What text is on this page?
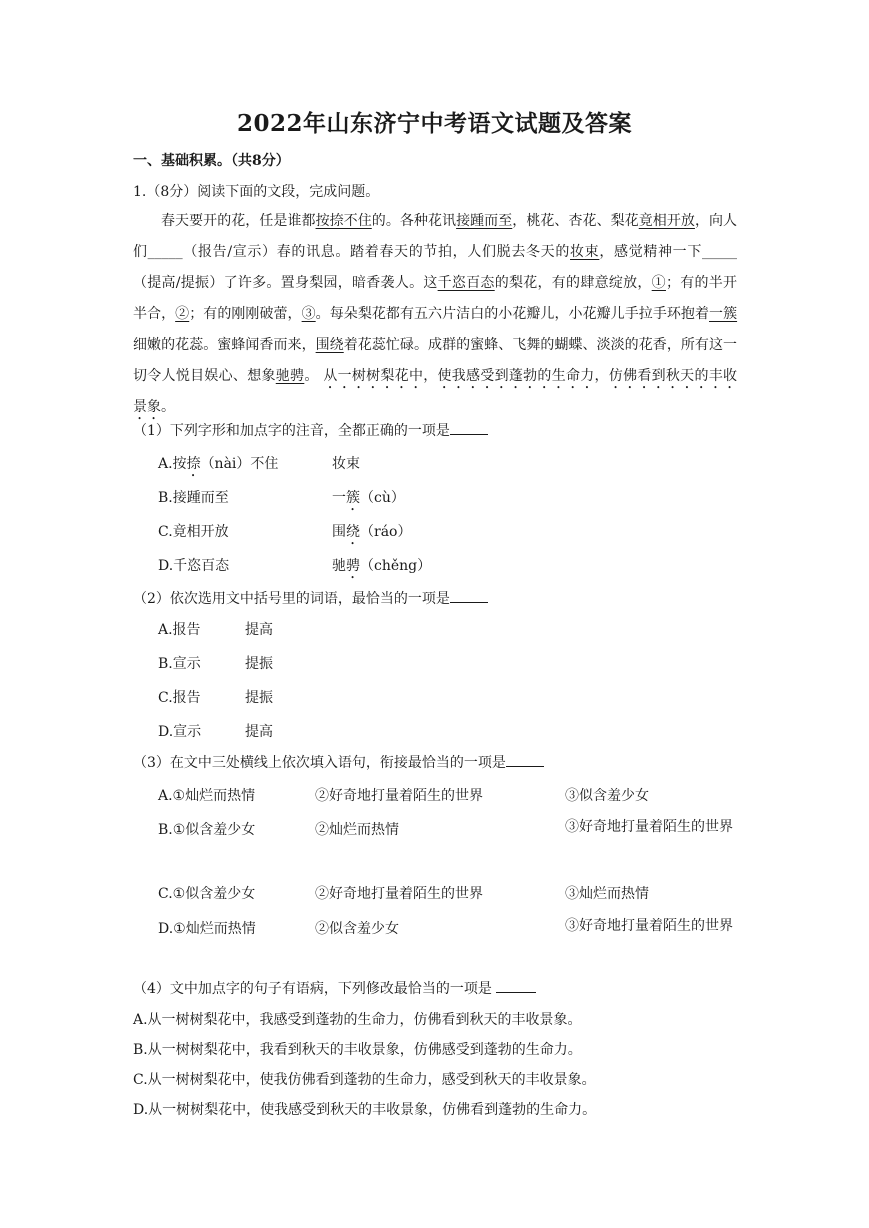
2022年山东济宁中考语文试题及答案
一、基础积累。（共8分）
1.（8分）阅读下面的文段，完成问题。
春天要开的花，任是谁都按捺不住的。各种花讯接踵而至，桃花、杏花、梨花竟相开放，向人们_____（报告/宣示）春的讯息。踏着春天的节拍，人们脱去冬天的妆束，感觉精神一下_____（提高/提振）了许多。置身梨园，暗香袭人。这千恣百态的梨花，有的肆意绽放，①；有的半开半合，②；有的刚刚破蕾，③。每朵梨花都有五六片洁白的小花瓣儿，小花瓣儿手拉手环抱着一簇细嫩的花蕊。蜜蜂闻香而来，围绕着花蕊忙碌。成群的蜜蜂、飞舞的蝴蝶、淡淡的花香，所有这一切令人悦目娱心、想象驰骋。 从一树树梨花中，使我感受到蓬勃的生命力，仿佛看到秋天的丰收景象。
（1）下列字形和加点字的注音，全都正确的一项是
A.按捺（nài）不住	妆束
B.接踵而至	一簇（cù）
C.竟相开放	围绕（ráo）
D.千恣百态	驰骋（chěng）
（2）依次选用文中括号里的词语，最恰当的一项是
A.报告	提高
B.宣示	提振
C.报告	提振
D.宣示	提高
（3）在文中三处横线上依次填入语句，衔接最恰当的一项是
A.①灿烂而热情	②好奇地打量着陌生的世界	③似含羞少女
B.①似含羞少女	②灿烂而热情	③好奇地打量着陌生的世界
C.①似含羞少女	②好奇地打量着陌生的世界	③灿烂而热情
D.①灿烂而热情	②似含羞少女	③好奇地打量着陌生的世界
（4）文中加点字的句子有语病，下列修改最恰当的一项是
A.从一树树梨花中，我感受到蓬勃的生命力，仿佛看到秋天的丰收景象。
B.从一树树梨花中，我看到秋天的丰收景象，仿佛感受到蓬勃的生命力。
C.从一树树梨花中，使我仿佛看到蓬勃的生命力，感受到秋天的丰收景象。
D.从一树树梨花中，使我感受到秋天的丰收景象，仿佛看到蓬勃的生命力。
